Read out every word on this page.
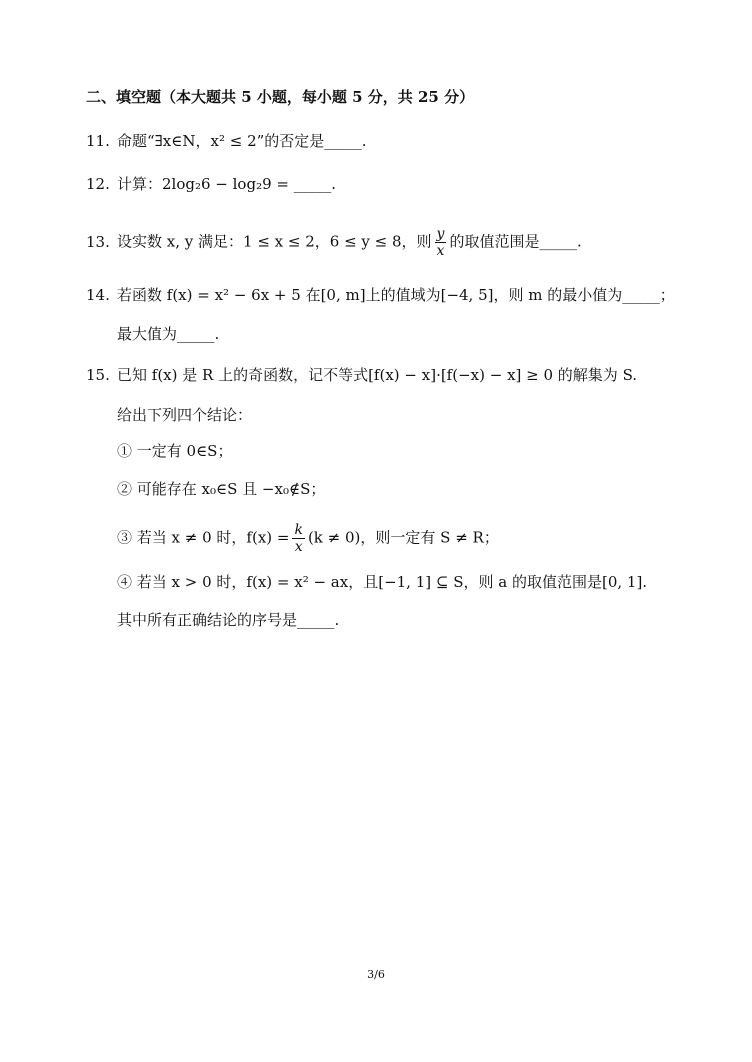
二、填空题（本大题共 5 小题，每小题 5 分，共 25 分）
11. 命题“∃x∈N，x² ≤ 2”的否定是_____.
12. 计算：2log₂6 − log₂9 = _____.
13. 设实数 x, y 满足：1 ≤ x ≤ 2，6 ≤ y ≤ 8，则 $\frac{y}{x}$ 的取值范围是_____.
14. 若函数 f(x) = x² − 6x + 5 在[0, m]上的值域为[−4, 5]，则 m 的最小值为_____；
最大值为_____.
15. 已知 f(x) 是 R 上的奇函数，记不等式[f(x) − x]·[f(−x) − x] ≥ 0 的解集为 S.
给出下列四个结论：
① 一定有 0∈S；
② 可能存在 x₀∈S 且 −x₀∉S；
③ 若当 x ≠ 0 时，$f(x) = \frac{k}{x} (k \ne 0)$，则一定有 S ≠ R；
④ 若当 x > 0 时，f(x) = x² − ax，且[−1, 1] ⊆ S，则 a 的取值范围是[0, 1].
其中所有正确结论的序号是_____.
3/6
